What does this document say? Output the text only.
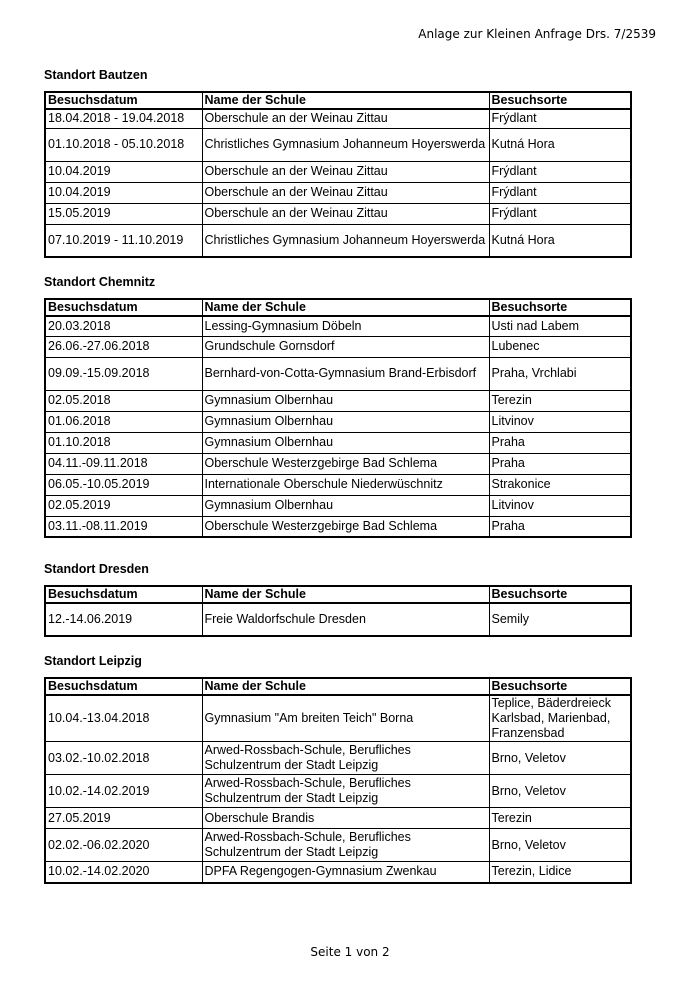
Anlage zur Kleinen Anfrage Drs. 7/2539
Standort Bautzen
Besuchsdatum	Name der Schule	Besuchsorte
18.04.2018 - 19.04.2018	Oberschule an der Weinau Zittau	Frýdlant
01.10.2018 - 05.10.2018	Christliches Gymnasium Johanneum Hoyerswerda	Kutná Hora
10.04.2019	Oberschule an der Weinau Zittau	Frýdlant
10.04.2019	Oberschule an der Weinau Zittau	Frýdlant
15.05.2019	Oberschule an der Weinau Zittau	Frýdlant
07.10.2019 - 11.10.2019	Christliches Gymnasium Johanneum Hoyerswerda	Kutná Hora
Standort Chemnitz
Besuchsdatum	Name der Schule	Besuchsorte
20.03.2018	Lessing-Gymnasium Döbeln	Usti nad Labem
26.06.-27.06.2018	Grundschule Gornsdorf	Lubenec
09.09.-15.09.2018	Bernhard-von-Cotta-Gymnasium Brand-Erbisdorf	Praha, Vrchlabi
02.05.2018	Gymnasium Olbernhau	Terezin
01.06.2018	Gymnasium Olbernhau	Litvinov
01.10.2018	Gymnasium Olbernhau	Praha
04.11.-09.11.2018	Oberschule Westerzgebirge Bad Schlema	Praha
06.05.-10.05.2019	Internationale Oberschule Niederwüschnitz	Strakonice
02.05.2019	Gymnasium Olbernhau	Litvinov
03.11.-08.11.2019	Oberschule Westerzgebirge Bad Schlema	Praha
Standort Dresden
Besuchsdatum	Name der Schule	Besuchsorte
12.-14.06.2019	Freie Waldorfschule Dresden	Semily
Standort Leipzig
Besuchsdatum	Name der Schule	Besuchsorte
10.04.-13.04.2018	Gymnasium "Am breiten Teich" Borna	Teplice, Bäderdreieck Karlsbad, Marienbad, Franzensbad
03.02.-10.02.2018	Arwed-Rossbach-Schule, Berufliches Schulzentrum der Stadt Leipzig	Brno, Veletov
10.02.-14.02.2019	Arwed-Rossbach-Schule, Berufliches Schulzentrum der Stadt Leipzig	Brno, Veletov
27.05.2019	Oberschule Brandis	Terezin
02.02.-06.02.2020	Arwed-Rossbach-Schule, Berufliches Schulzentrum der Stadt Leipzig	Brno, Veletov
10.02.-14.02.2020	DPFA Regengogen-Gymnasium Zwenkau	Terezin, Lidice
Seite 1 von 2
